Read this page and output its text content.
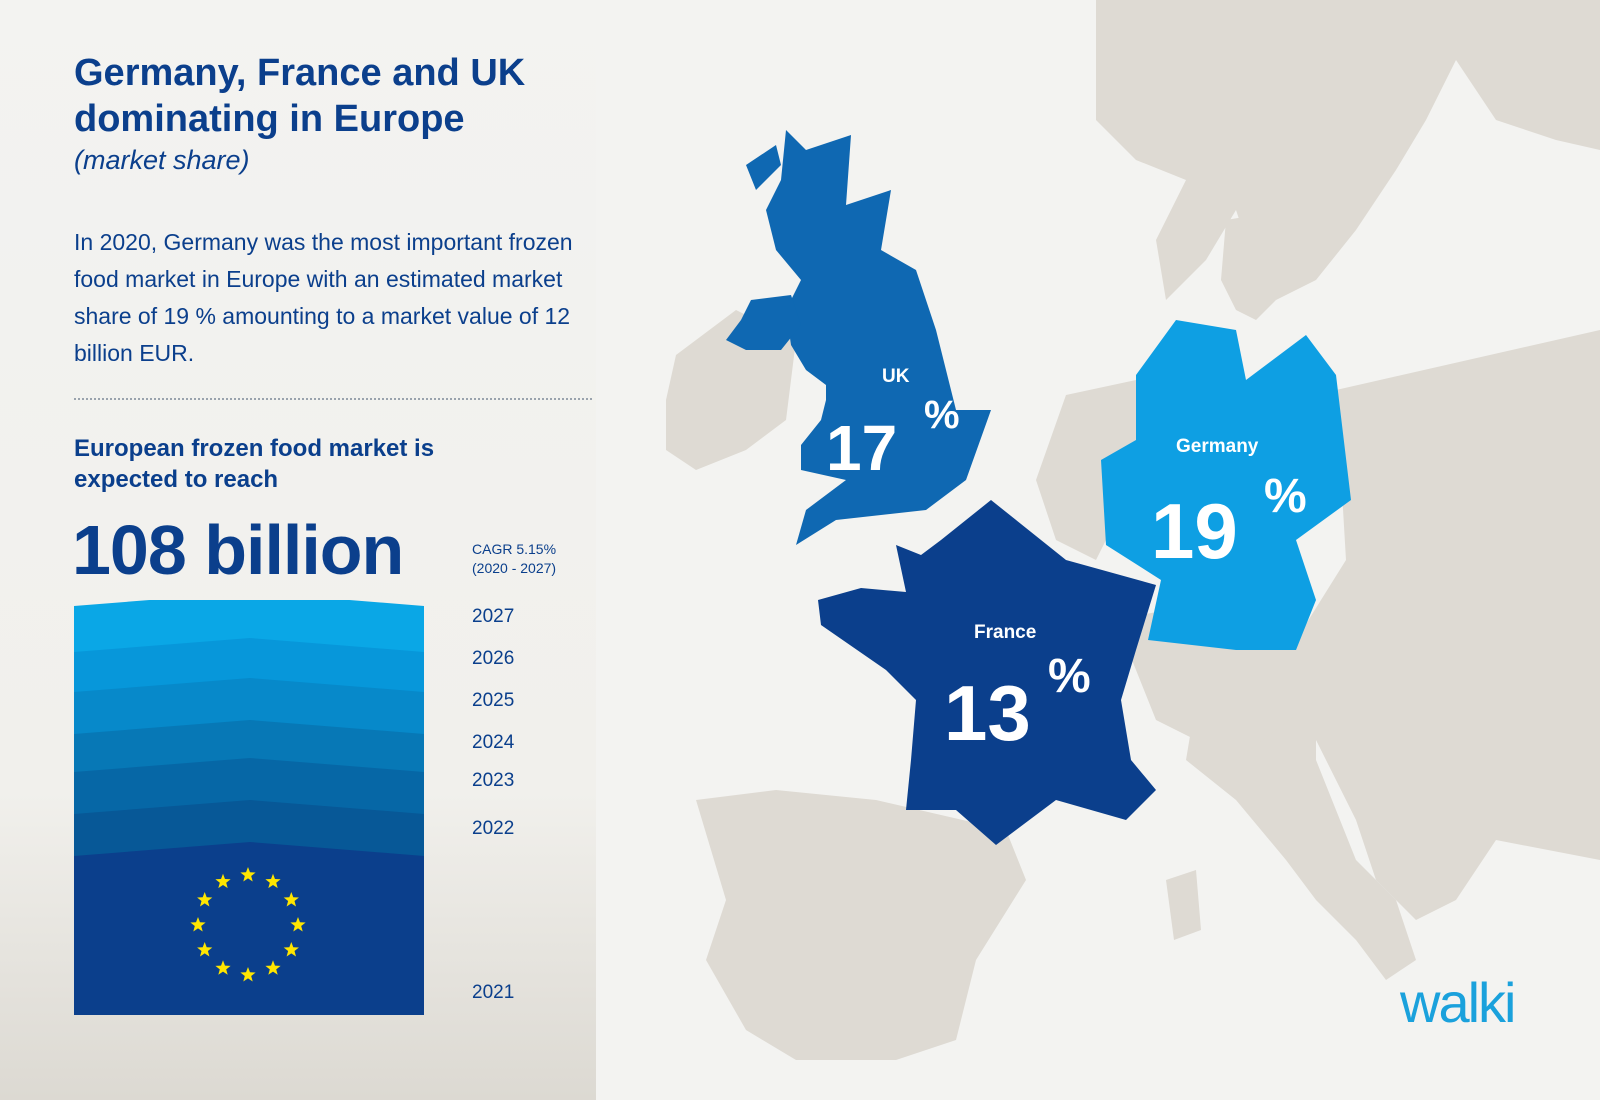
Germany, France and UK dominating in Europe
(market share)

In 2020, Germany was the most important frozen food market in Europe with an estimated market share of 19 % amounting to a market value of 12 billion EUR.

European frozen food market is expected to reach
108 billion	CAGR 5.15%
(2020 - 2027)
2027
2026
2025
2024
2023
2022
2021
UK
17 %
Germany
19 %
France
13 %
walki
